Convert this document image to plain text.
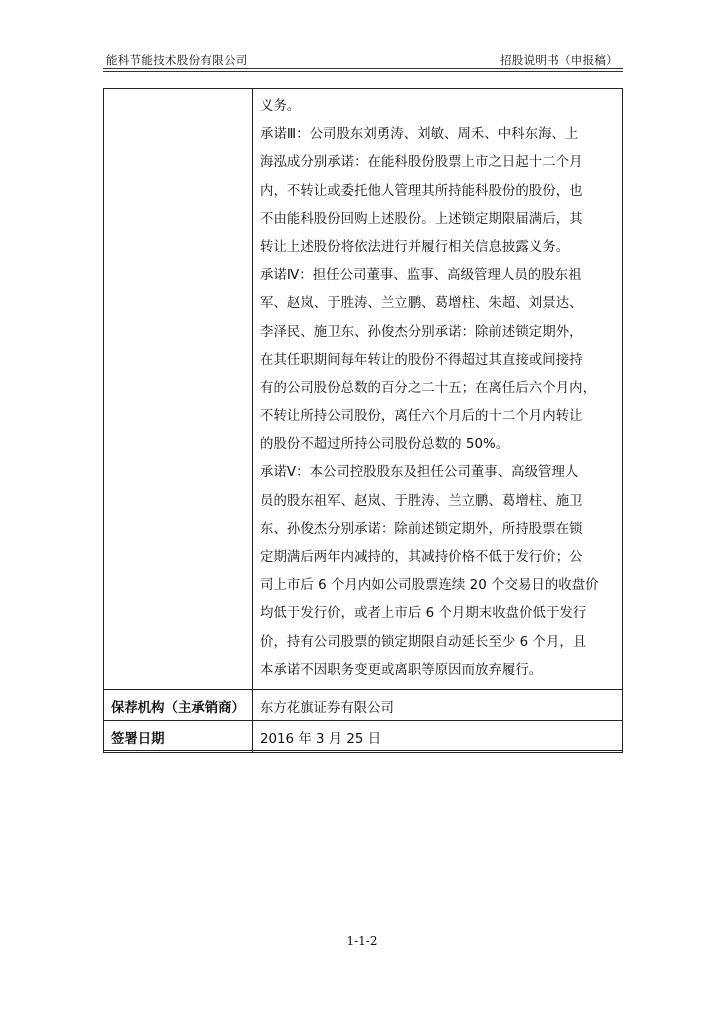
能科节能技术股份有限公司	招股说明书（申报稿）
义务。
承诺Ⅲ：公司股东刘勇涛、刘敏、周禾、中科东海、上
海泓成分别承诺：在能科股份股票上市之日起十二个月
内，不转让或委托他人管理其所持能科股份的股份，也
不由能科股份回购上述股份。上述锁定期限届满后，其
转让上述股份将依法进行并履行相关信息披露义务。
承诺Ⅳ：担任公司董事、监事、高级管理人员的股东祖
军、赵岚、于胜涛、兰立鹏、葛增柱、朱超、刘景达、
李泽民、施卫东、孙俊杰分别承诺：除前述锁定期外，
在其任职期间每年转让的股份不得超过其直接或间接持
有的公司股份总数的百分之二十五；在离任后六个月内，
不转让所持公司股份，离任六个月后的十二个月内转让
的股份不超过所持公司股份总数的 50%。
承诺Ⅴ：本公司控股股东及担任公司董事、高级管理人
员的股东祖军、赵岚、于胜涛、兰立鹏、葛增柱、施卫
东、孙俊杰分别承诺：除前述锁定期外，所持股票在锁
定期满后两年内减持的，其减持价格不低于发行价；公
司上市后 6 个月内如公司股票连续 20 个交易日的收盘价
均低于发行价，或者上市后 6 个月期末收盘价低于发行
价，持有公司股票的锁定期限自动延长至少 6 个月，且
本承诺不因职务变更或离职等原因而放弃履行。
保荐机构（主承销商） 东方花旗证券有限公司
签署日期	2016 年 3 月 25 日
1-1-2
